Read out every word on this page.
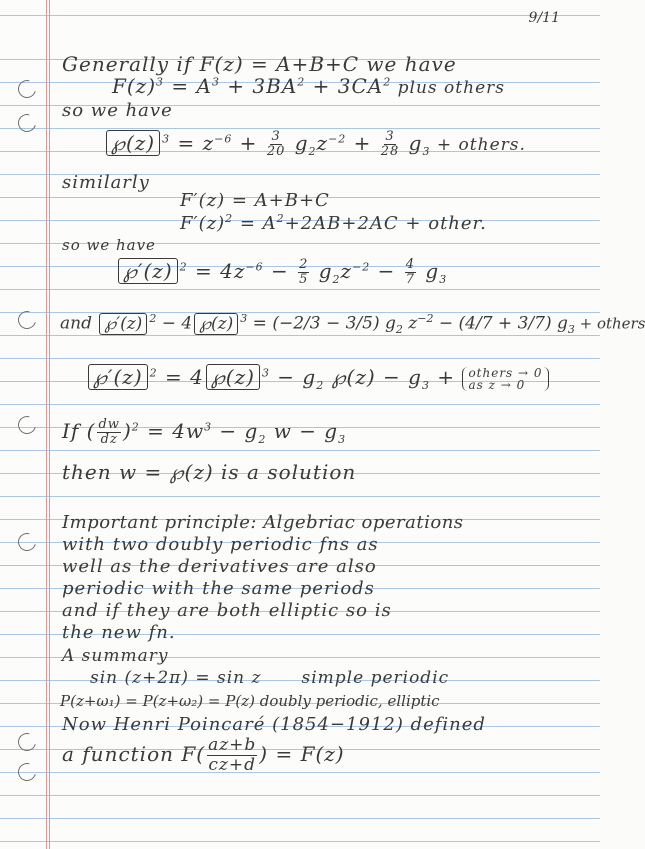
9/11
Generally if F(z) = A+B+C we have
$F(z)^3 = A^3 + 3BA^2 + 3CA^2$ plus others
so we have
℘(z) $^3 = z^{-6} + \frac{3}{20} g_2z^{-2} + \frac{3}{28} g_3$ + others.
similarly
F′(z) = A+B+C
$F'(z)^2 = A^2+2AB+2AC$ + other.
so we have
℘′(z) $^2 = 4z^{-6} - \frac{2}{5} g_2z^{-2} - \frac{4}{7} g_3$
and ℘′(z) $^2$ − 4 ℘(z) $^3$ = (−2/3 − 3/5) $g_2$ $z^{-2} - (4/7 + 3/7) g_3$ + others
℘′(z) $^2$ = 4 ℘(z) $^3 - g_2$ ℘(z) − $g_3$ + others → 0
as z → 0
If ( $\frac{dw}{dz} )^2 = 4w^3 - g_2$ $w - g_3$
then w = ℘(z) is a solution
Important principle: Algebriac operations
with two doubly periodic fns as
well as the derivatives are also
periodic with the same periods
and if they are both elliptic so is
the new fn.
A summary
sin (z+2π) = sin z simple periodic
P(z+ω₁) = P(z+ω₂) = P(z) doubly periodic, elliptic
Now Henri Poincaré (1854−1912) defined
a function $F( \frac{az+b}{cz+d}$ ) = F(z)
